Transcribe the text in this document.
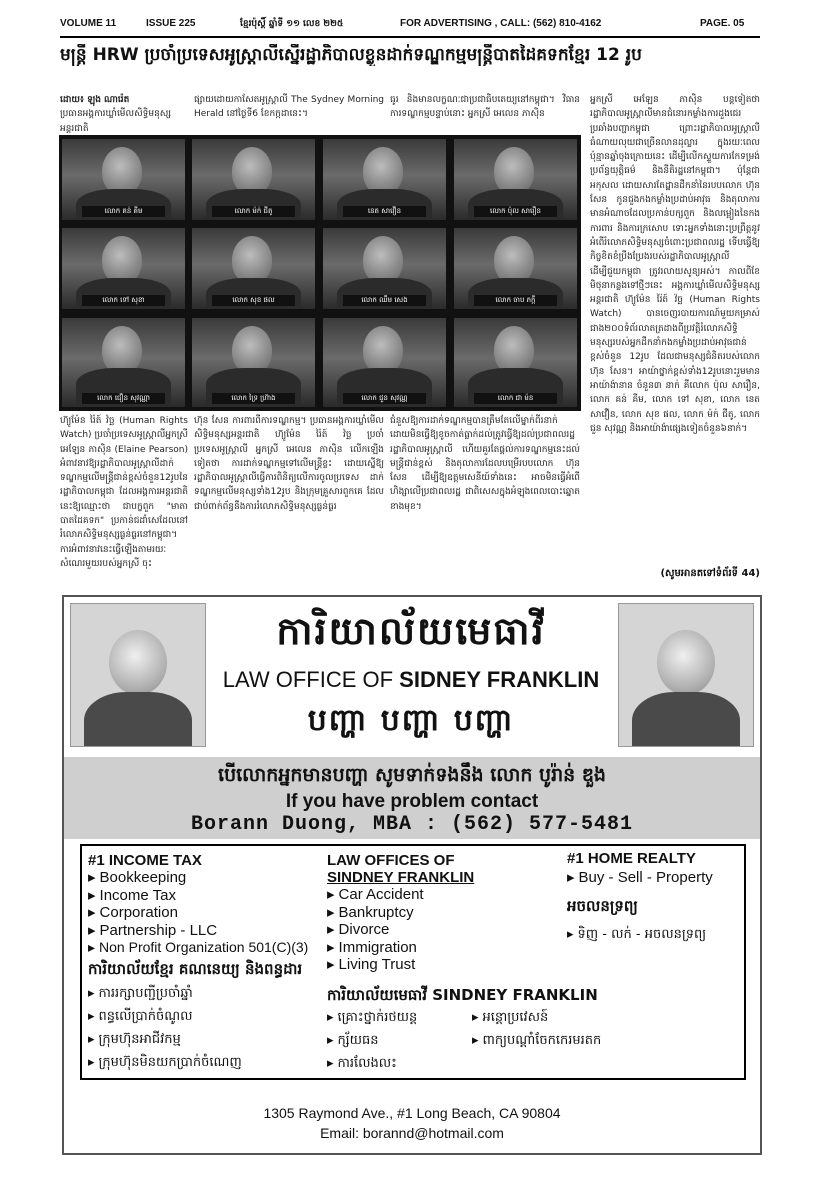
VOLUME 11	ISSUE 225	ខ្មែរប៉ុស្តិ៍ ឆ្នាំទី ១១ លេខ ២២៥	FOR ADVERTISING , CALL: (562) 810-4162	PAGE. 05
មន្ត្រី HRW ប្រចាំប្រទេសអូស្ត្រាលីស្នើរដ្ឋាភិបាលខ្លួនដាក់ទណ្ឌកម្មមន្ត្រីបាតដៃគទកខ្មែរ 12 រូប
ដោយ៖ ឡុង ណារ៉េត
ប្រធានអង្គការឃ្លាំមើលសិទ្ធិមនុស្សអន្តរជាតិ
ផ្សាយដោយកាសែតអូស្ត្រាលី The Sydney Morning Herald នៅថ្ងៃទី6 ខែកក្កដានេះ។
ធូរ និងមានលក្ខណៈជាប្រជាធិបតេយ្យនៅកម្ពុជា។ វិធានការទណ្ឌកម្មបន្ទាប់នោះ អ្នកស្រី អេលេន ភាស៊ិន
លោក គន់ គីម	លោក ម៉ក់ ជីតូ	នេត សាវឿន	លោក ប៉ុល សារឿន
លោក ទៅ សុខា	លោក សុខ ផល	លោក ឈឹម សេង	លោក ចាប ភក្តី
លោក ជឿន សុវណ្ណា	លោក ទ្រៃ ហ្រ៊ាង	លោក ជួន សុវណ្ណ	លោក ជា ម៉ន
អ្នកស្រី អេឡែន ភាស៊ិន បន្តទៀតថា រដ្ឋាភិបាលអូស្ត្រាលីមានជំនោរកម្លាំងការដួងជេរប្រឆាំងបញ្ហាកម្ពុជា ព្រោះរដ្ឋាភិបាលអូស្ត្រាលីធំណាយលុយជាច្រើនលានដុល្លារ ក្នុងរយៈពេលប៉ុន្មានឆ្នាំចុងក្រោយនេះ ដើម្បីលើកស្ទួយការកែទម្រង់ប្រព័ន្ធយុត្តិធម៌ និងនីតិរដ្ឋនៅកម្ពុជា។ ប៉ុន្តែជាអកុសល ដោយសារតែដ្ឋានដឹកនាំនៃរបបលោក ហ៊ុន សែន កូនជួងកងកម្លាំងប្រដាប់អាវុធ និងតុលាការមានអំណាចដែលប្រកាន់បក្សពួក និងលម្អៀងនៃកងការពារ និងការក្រសោប ទោះអ្នកទាំងនោះប្រព្រឹត្តនូវអំពើរំលោភសិទ្ធិមនុស្សចំពោះប្រជាពលរដ្ឋ ទើបធ្វើឱ្យកិច្ចខិតខំប្រឹងប្រែងរបស់រដ្ឋាភិបាលអូស្ត្រាលីដើម្បីជួយកម្ពុជា ត្រូវរលាយសូន្យអស់។ កាលពីខែមិថុនាកន្លងទៅថ្មីៗនេះ អង្គការឃ្លាំមើលសិទ្ធិមនុស្សអន្តរជាតិ ហ៊្យូម៉ែន រ៉ៃត៍ វ៉ច្ឆ (Human Rights Watch) បានចេញរបាយការណ៍មួយកម្រាស់ជាង២០០ទំព័រលាតត្រដាងពីប្រវត្តិរំលោភសិទ្ធិមនុស្សរបស់អ្នកដឹកនាំកងកម្លាំងប្រដាប់អាវុធជាន់ខ្ពស់ចំនួន 12រូប ដែលជាមនុស្សជំនិតរបស់លោក ហ៊ុន សែន។ អាយ៉ាថ្នាក់ខ្ពស់ទាំង12រូបនោះរួមមាន អាយ៉ាង៉ានាន ចំនួន៣ នាក់ គឺលោក ប៉ុល សារឿន, លោក គន់ គីម, លោក ទៅ សុខា, លោក នេត សាវឿន, លោក សុខ ផល, លោក ម៉ក់ ជីតូ, លោក ជួន សុវណ្ណ និងអាយ៉ាង៉ាផ្សេងទៀតចំនួន៦នាក់។
ហ៊្យូម៉ែន រ៉ៃត៍ វ៉ច្ឆ (Human Rights Watch) ប្រចាំប្រទេសអូស្ត្រាលីអ្នកស្រី អេឡែន ភាស៊ិន (Elaine Pearson) អំពាវនាវឱ្យរដ្ឋាភិបាលអូស្ត្រាលីដាក់ទណ្ឌកម្មលើមន្ត្រីជាន់ខ្ពស់ចំនួន12រូបនៃរដ្ឋាភិបាលកម្ពុជា ដែលអង្គការអន្តរជាតិនេះឱ្យឈ្មោះថា ជាបក្ខពួក "មាតាបាតដៃគទក" ប្រកាន់ជដាំសេដែលនៅរំលោភសិទ្ធិមនុស្សធ្ងន់ធ្ងរនៅកម្ពុជា។ ការអំពាវនាវនេះធ្វើឡើងតាមរយៈសំណេរមួយរបស់អ្នកស្រី ចុះ
ហ៊ុន សែន ការពារពីការទណ្ឌកម្ម។ ប្រធានអង្គការឃ្លាំមើលសិទ្ធិមនុស្សអន្តរជាតិ ហ៊្យូម៉ែន រ៉ៃត៍ វ៉ច្ឆ ប្រចាំប្រទេសអូស្ត្រាលី អ្នកស្រី អេលេន ភាស៊ិន លើកឡើងទៀតថា ការដាក់ទណ្ឌកម្មទៅលើមន្ត្រីខ្លះ ដោយស្នើឱ្យរដ្ឋាភិបាលអូស្ត្រាលីធ្វើការពិនិត្យលើការចូលប្រទេស ដាក់ទណ្ឌកម្មលើមនុស្សទាំង12រូប និងក្រុមគ្រួសារពួកគេ ដែលជាប់ពាក់ព័ន្ធនឹងការរំលោភសិទ្ធិមនុស្សធ្ងន់ធ្ងរ
ជំនួសឱ្យការដាក់ទណ្ឌកម្មបានត្រឹមតែលើម្នាក់ពីរនាក់ ដោយមិនធ្វើឱ្យខូចកាត់ធ្លាក់ដល់ត្រូវធ្វើឱ្យដល់ប្រជាពលរដ្ឋ រដ្ឋាភិបាលអូស្ត្រាលី ហើយគួរតែផ្តល់ការទណ្ឌកម្មនេះដល់មន្ត្រីជាន់ខ្ពស់ និងតុលាការដែលបម្រើរបបលោក ហ៊ុន សែន ដើម្បីឱ្យឧត្តមសេនីយ៍ទាំងនេះ អាចមិនធ្វើអំពើហិង្សាលើប្រជាពលរដ្ឋ ជាពិសេសក្នុងអំឡុងពេលបោះឆ្នោតខាងមុខ។
(សូមអានតទៅទំព័រទី 44)
ការិយាល័យមេធាវី
LAW OFFICE OF SIDNEY FRANKLIN
បញ្ហា បញ្ហា បញ្ហា
បើលោកអ្នកមានបញ្ហា សូមទាក់ទងនឹង លោក បូរ៉ាន់ ឌួង
If you have problem contact
Borann Duong, MBA : (562) 577-5481
#1 INCOME TAX
▸ Bookkeeping
▸ Income Tax
▸ Corporation
▸ Partnership - LLC
▸ Non Profit Organization 501(C)(3)
ការិយាល័យខ្មែរ គណនេយ្យ និងពន្ធដារ
▸ ការរក្សាបញ្ជីប្រចាំឆ្នាំ
▸ ពន្ធលើប្រាក់ចំណូល
▸ ក្រុមហ៊ុនអាជីវកម្ម
▸ ក្រុមហ៊ុនមិនយកប្រាក់ចំណេញ
LAW OFFICES OF
SINDNEY FRANKLIN
▸ Car Accident
▸ Bankruptcy
▸ Divorce
▸ Immigration
▸ Living Trust
ការិយាល័យមេធាវី SINDNEY FRANKLIN
▸ គ្រោះថ្នាក់រថយន្ត
▸ ក្ស័យធន
▸ ការលែងលះ
▸ អន្តោប្រវេសន៍
▸ ពាក្យបណ្តាំចែកកេរមរតក
#1 HOME REALTY
▸ Buy - Sell - Property
អចលនទ្រព្យ
▸ ទិញ - លក់ - អចលនទ្រព្យ
1305 Raymond Ave., #1 Long Beach, CA 90804
Email: borannd@hotmail.com
